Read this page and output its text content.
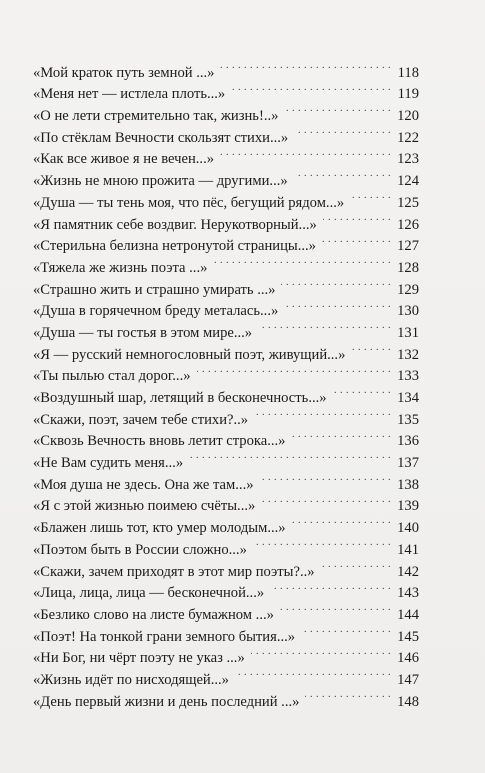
«Мой краток путь земной ...» . . .	118
«Меня нет — истлела плоть...» . . .	119
«О не лети стремительно так, жизнь!..» . . .	120
«По стёклам Вечности скользят стихи...» . . .	122
«Как все живое я не вечен...» . . .	123
«Жизнь не мною прожита — другими...» . . .	124
«Душа — ты тень моя, что пёс, бегущий рядом...» . . .	125
«Я памятник себе воздвиг. Нерукотворный...» . . .	126
«Стерильна белизна нетронутой страницы...» . . .	127
«Тяжела же жизнь поэта ...» . . .	128
«Страшно жить и страшно умирать ...» . . .	129
«Душа в горячечном бреду металась...» . . .	130
«Душа — ты гостья в этом мире...» . . .	131
«Я — русский немногословный поэт, живущий...» . . .	132
«Ты пылью стал дорог...» . . .	133
«Воздушный шар, летящий в бесконечность...» . . .	134
«Скажи, поэт, зачем тебе стихи?..» . . .	135
«Сквозь Вечность вновь летит строка...» . . .	136
«Не Вам судить меня...» . . .	137
«Моя душа не здесь. Она же там...» . . .	138
«Я с этой жизнью поимею счёты...» . . .	139
«Блажен лишь тот, кто умер молодым...» . . .	140
«Поэтом быть в России сложно...» . . .	141
«Скажи, зачем приходят в этот мир поэты?..» . . .	142
«Лица, лица, лица — бесконечной...» . . .	143
«Безлико слово на листе бумажном ...» . . .	144
«Поэт! На тонкой грани земного бытия...» . . .	145
«Ни Бог, ни чёрт поэту не указ ...» . . .	146
«Жизнь идёт по нисходящей...» . . .	147
«День первый жизни и день последний ...» . . .	148
